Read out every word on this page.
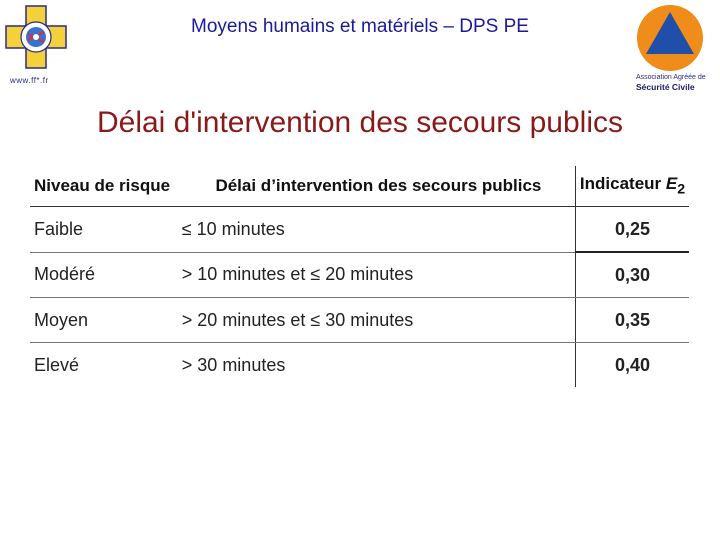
www.ff*.fr
Moyens humains et matériels – DPS PE
Association Agréée de
Sécurité Civile
Délai d'intervention des secours publics
Niveau de risque	Délai d’intervention des secours publics	Indicateur $E_2$
Faible	≤ 10 minutes	0,25
Modéré	> 10 minutes et ≤ 20 minutes	0,30
Moyen	> 20 minutes et ≤ 30 minutes	0,35
Elevé	> 30 minutes	0,40
